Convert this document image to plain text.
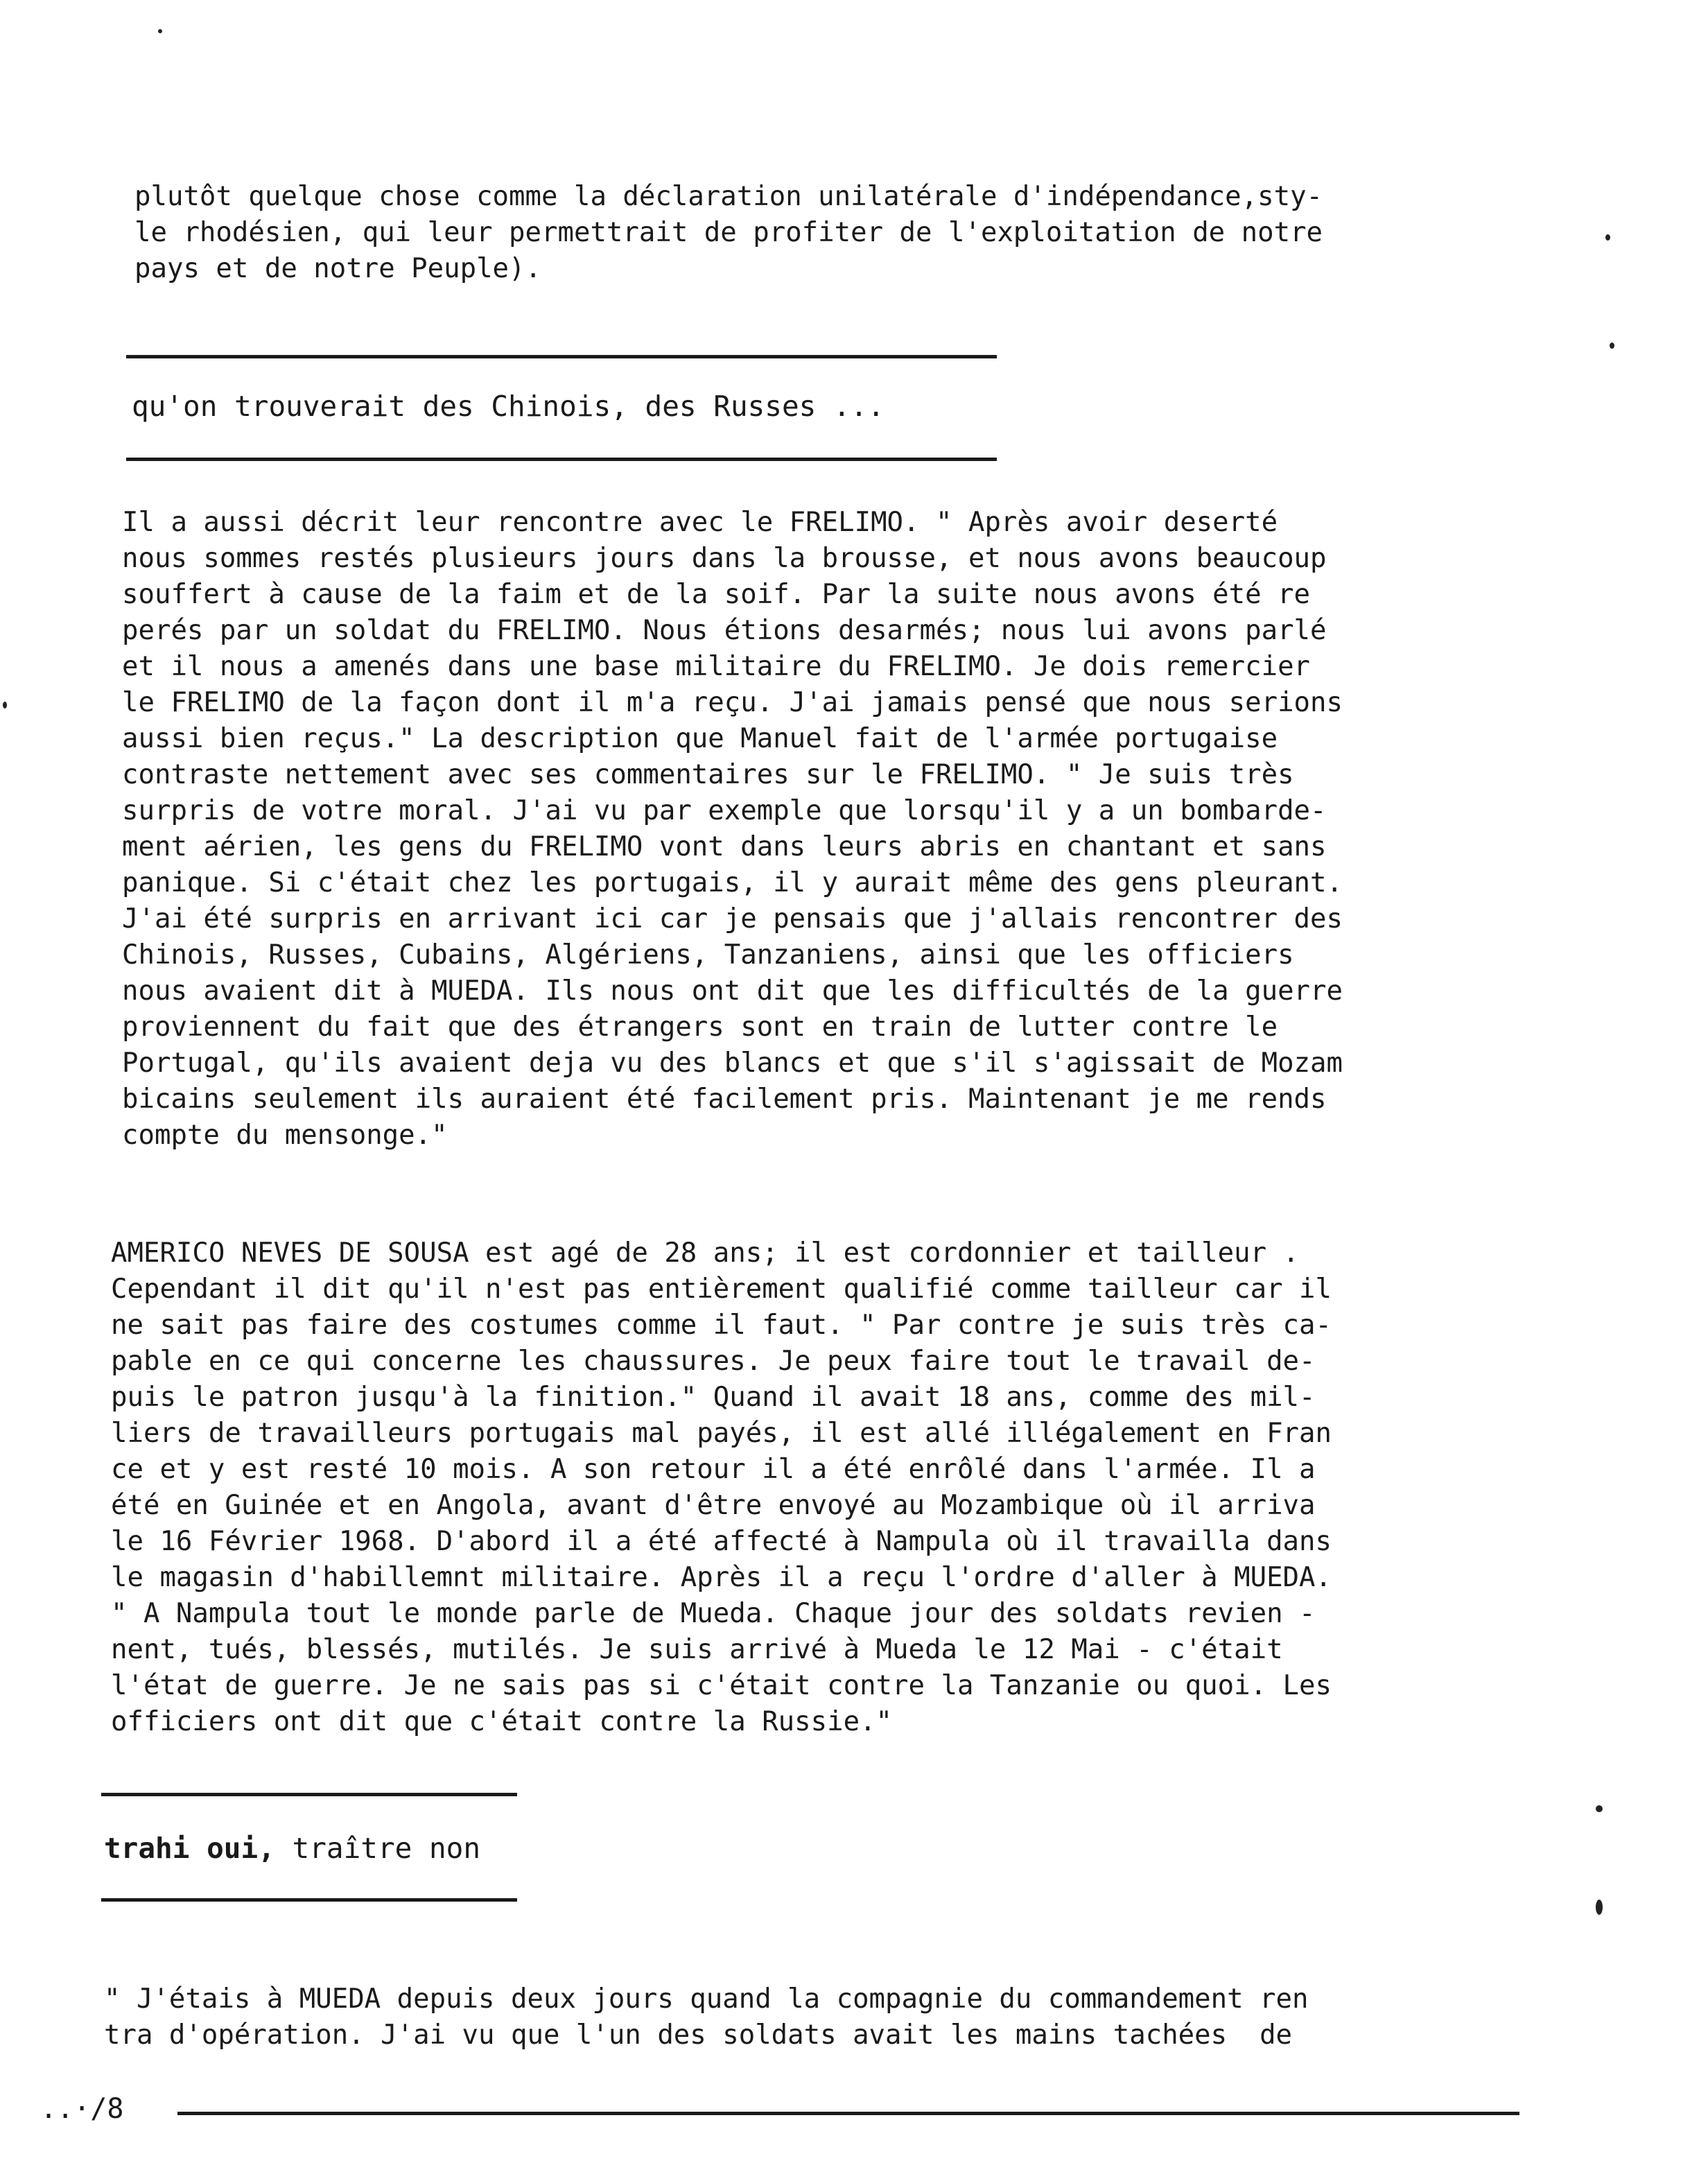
plutôt quelque chose comme la déclaration unilatérale d'indépendance,sty-
le rhodésien, qui leur permettrait de profiter de l'exploitation de notre
pays et de notre Peuple).

qu'on trouverait des Chinois, des Russes ...

Il a aussi décrit leur rencontre avec le FRELIMO. " Après avoir deserté
nous sommes restés plusieurs jours dans la brousse, et nous avons beaucoup
souffert à cause de la faim et de la soif. Par la suite nous avons été re
perés par un soldat du FRELIMO. Nous étions desarmés; nous lui avons parlé
et il nous a amenés dans une base militaire du FRELIMO. Je dois remercier
le FRELIMO de la façon dont il m'a reçu. J'ai jamais pensé que nous serions
aussi bien reçus." La description que Manuel fait de l'armée portugaise
contraste nettement avec ses commentaires sur le FRELIMO. " Je suis très
surpris de votre moral. J'ai vu par exemple que lorsqu'il y a un bombarde-
ment aérien, les gens du FRELIMO vont dans leurs abris en chantant et sans
panique. Si c'était chez les portugais, il y aurait même des gens pleurant.
J'ai été surpris en arrivant ici car je pensais que j'allais rencontrer des
Chinois, Russes, Cubains, Algériens, Tanzaniens, ainsi que les officiers
nous avaient dit à MUEDA. Ils nous ont dit que les difficultés de la guerre
proviennent du fait que des étrangers sont en train de lutter contre le
Portugal, qu'ils avaient deja vu des blancs et que s'il s'agissait de Mozam
bicains seulement ils auraient été facilement pris. Maintenant je me rends
compte du mensonge."

AMERICO NEVES DE SOUSA est agé de 28 ans; il est cordonnier et tailleur .
Cependant il dit qu'il n'est pas entièrement qualifié comme tailleur car il
ne sait pas faire des costumes comme il faut. " Par contre je suis très ca-
pable en ce qui concerne les chaussures. Je peux faire tout le travail de-
puis le patron jusqu'à la finition." Quand il avait 18 ans, comme des mil-
liers de travailleurs portugais mal payés, il est allé illégalement en Fran
ce et y est resté 10 mois. A son retour il a été enrôlé dans l'armée. Il a
été en Guinée et en Angola, avant d'être envoyé au Mozambique où il arriva
le 16 Février 1968. D'abord il a été affecté à Nampula où il travailla dans
le magasin d'habillemnt militaire. Après il a reçu l'ordre d'aller à MUEDA.
" A Nampula tout le monde parle de Mueda. Chaque jour des soldats revien -
nent, tués, blessés, mutilés. Je suis arrivé à Mueda le 12 Mai - c'était
l'état de guerre. Je ne sais pas si c'était contre la Tanzanie ou quoi. Les
officiers ont dit que c'était contre la Russie."

trahi oui, traître non

" J'étais à MUEDA depuis deux jours quand la compagnie du commandement ren
tra d'opération. J'ai vu que l'un des soldats avait les mains tachées  de

..·/8
